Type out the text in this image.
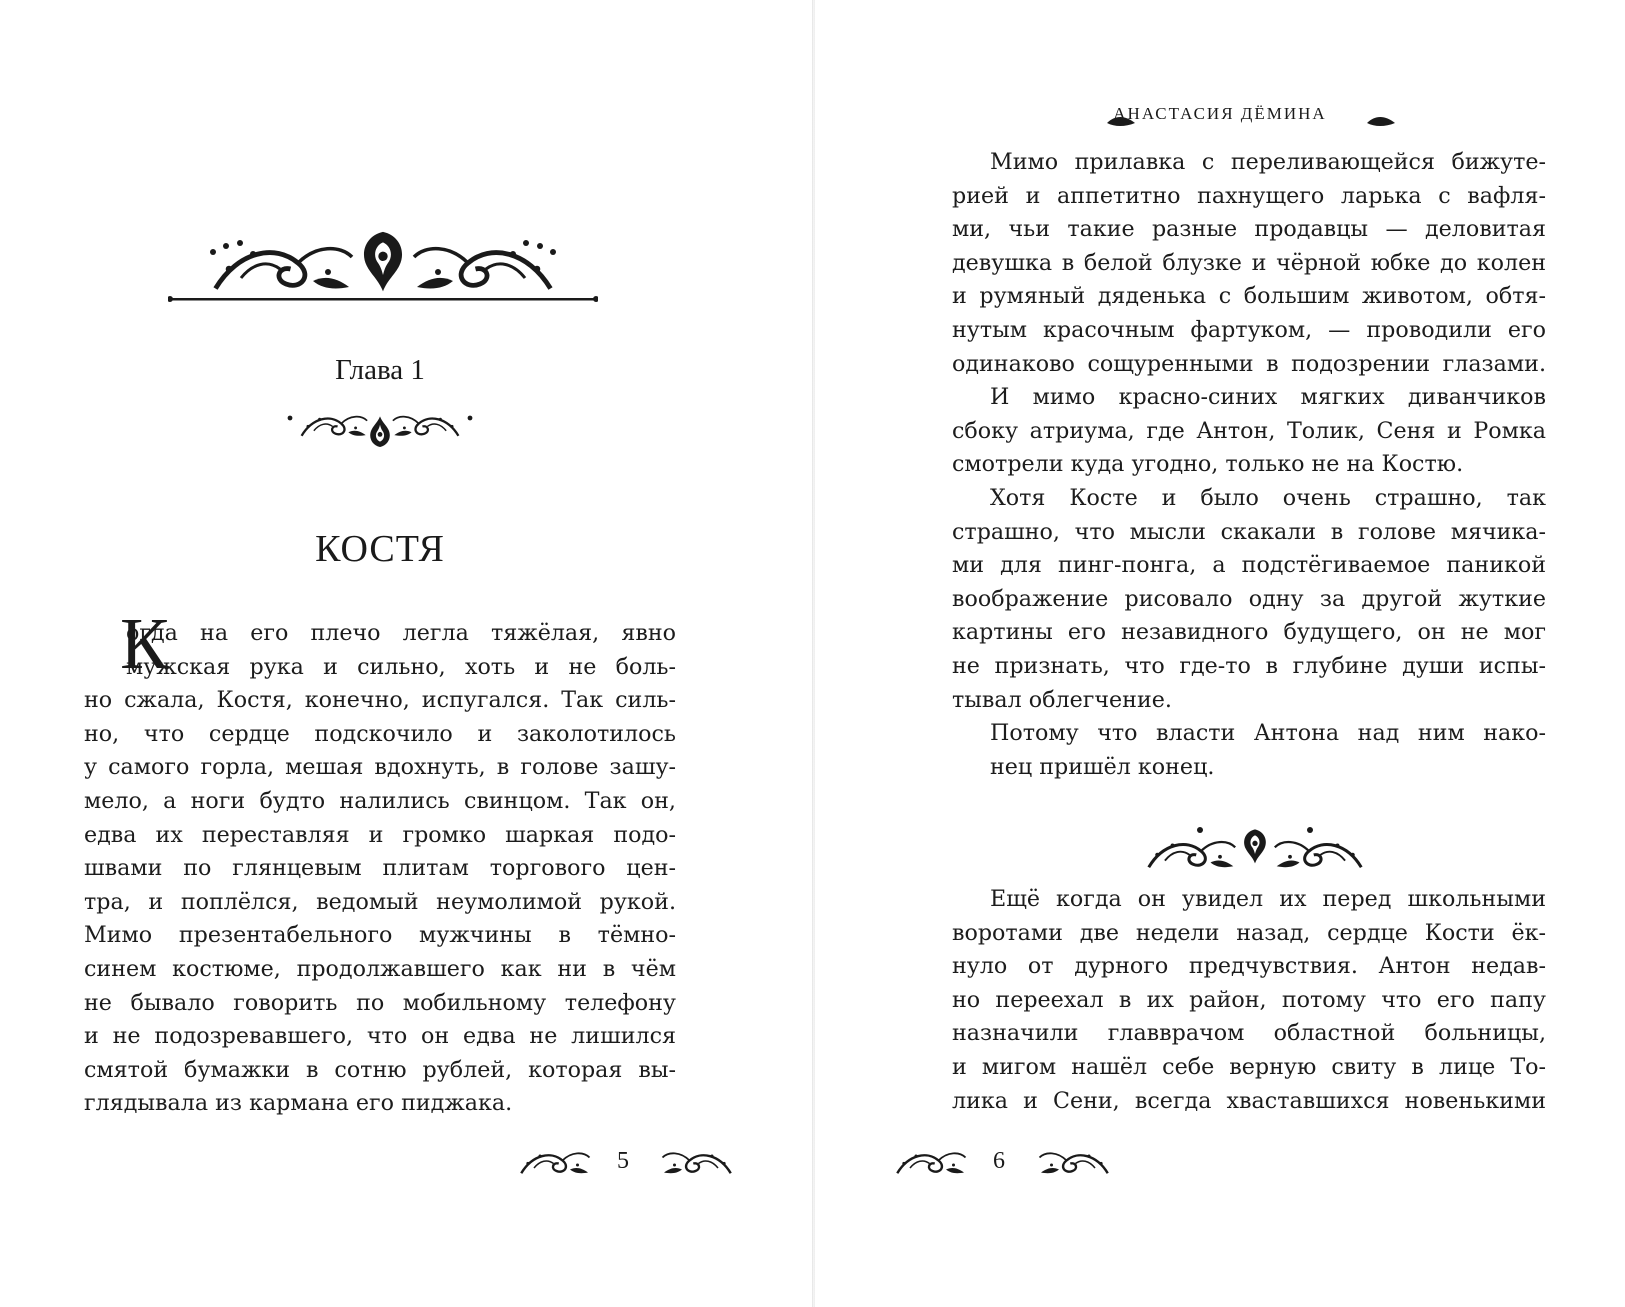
Глава 1
КОСТЯ
К
огда на его плечо легла тяжёлая, явно
мужская рука и сильно, хоть и не боль-
но сжала, Костя, конечно, испугался. Так силь-
но, что сердце подскочило и заколотилось
у самого горла, мешая вдохнуть, в голове зашу-
мело, а ноги будто налились свинцом. Так он,
едва их переставляя и громко шаркая подо-
швами по глянцевым плитам торгового цен-
тра, и поплёлся, ведомый неумолимой рукой.
Мимо презентабельного мужчины в тёмно-
синем костюме, продолжавшего как ни в чём
не бывало говорить по мобильному телефону
и не подозревавшего, что он едва не лишился
смятой бумажки в сотню рублей, которая вы-
глядывала из кармана его пиджака.
5
АНАСТАСИЯ ДЁМИНА
Мимо прилавка с переливающейся бижуте-
рией и аппетитно пахнущего ларька с вафля-
ми, чьи такие разные продавцы — деловитая
девушка в белой блузке и чёрной юбке до колен
и румяный дяденька с большим животом, обтя-
нутым красочным фартуком, — проводили его
одинаково сощуренными в подозрении глазами.
И мимо красно-синих мягких диванчиков
сбоку атриума, где Антон, Толик, Сеня и Ромка
смотрели куда угодно, только не на Костю.
Хотя Косте и было очень страшно, так
страшно, что мысли скакали в голове мячика-
ми для пинг-понга, а подстёгиваемое паникой
воображение рисовало одну за другой жуткие
картины его незавидного будущего, он не мог
не признать, что где-то в глубине души испы-
тывал облегчение.
Потому что власти Антона над ним нако-
нец пришёл конец.
Ещё когда он увидел их перед школьными
воротами две недели назад, сердце Кости ёк-
нуло от дурного предчувствия. Антон недав-
но переехал в их район, потому что его папу
назначили главврачом областной больницы,
и мигом нашёл себе верную свиту в лице То-
лика и Сени, всегда хваставшихся новенькими
6
